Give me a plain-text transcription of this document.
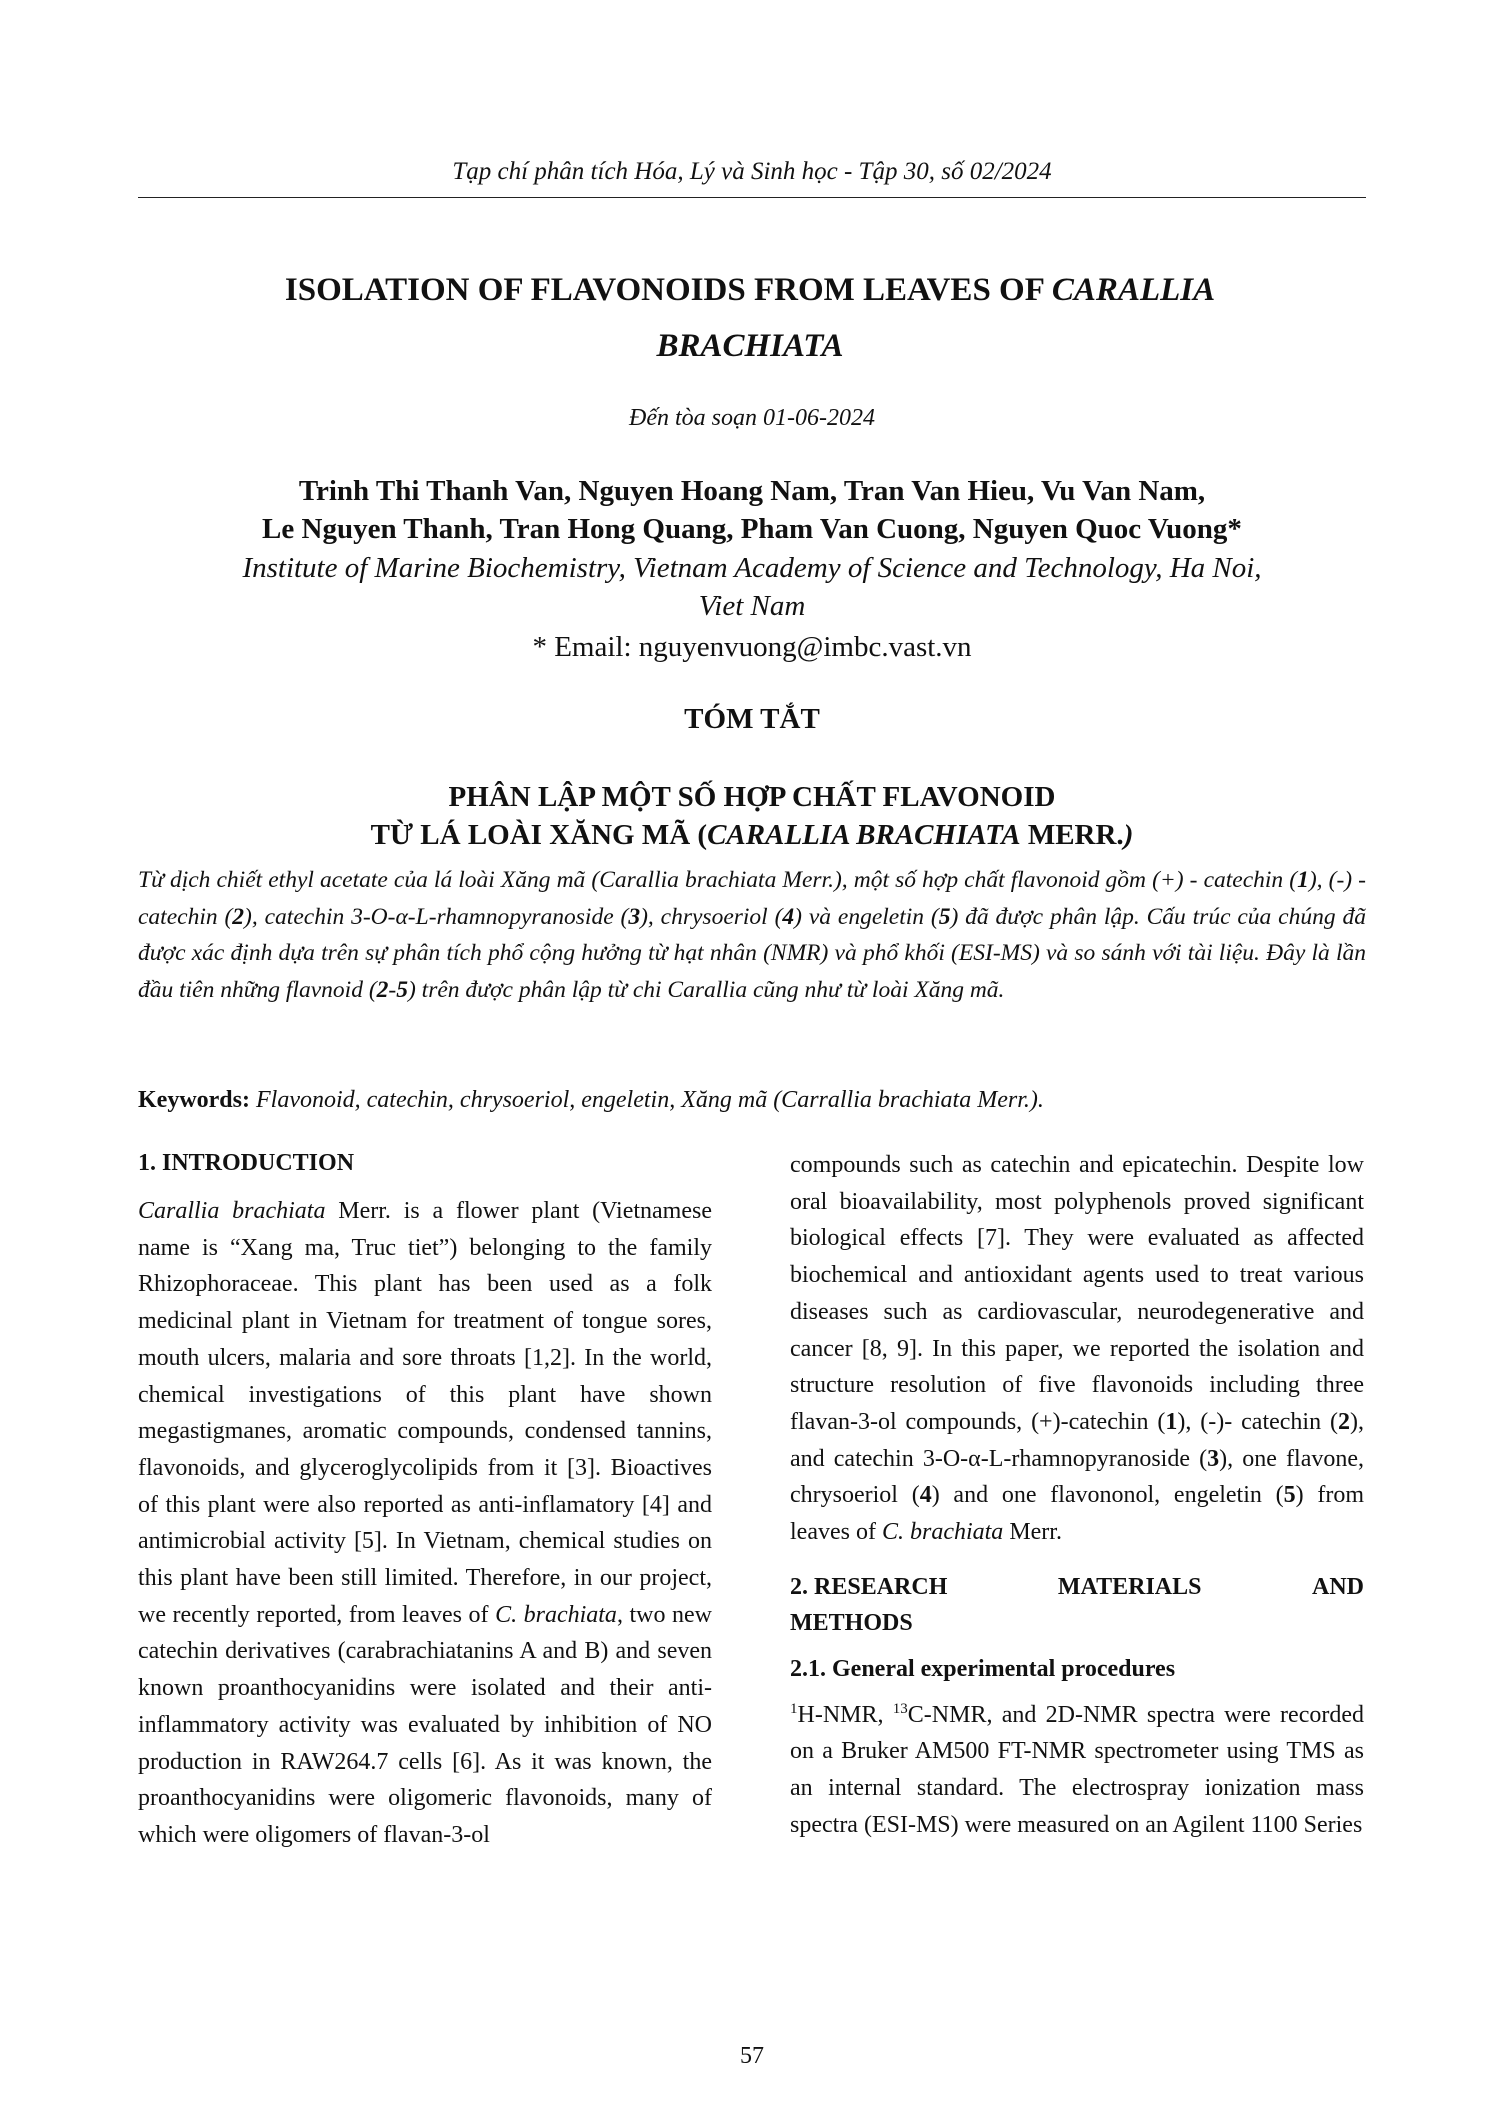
Tạp chí phân tích Hóa, Lý và Sinh học - Tập 30, số 02/2024
ISOLATION OF FLAVONOIDS FROM LEAVES OF CARALLIA
BRACHIATA
Đến tòa soạn 01-06-2024
Trinh Thi Thanh Van, Nguyen Hoang Nam, Tran Van Hieu, Vu Van Nam,
Le Nguyen Thanh, Tran Hong Quang, Pham Van Cuong, Nguyen Quoc Vuong*
Institute of Marine Biochemistry, Vietnam Academy of Science and Technology, Ha Noi,
Viet Nam
* Email: nguyenvuong@imbc.vast.vn
TÓM TẮT
PHÂN LẬP MỘT SỐ HỢP CHẤT FLAVONOID
TỪ LÁ LOÀI XĂNG MÃ (CARALLIA BRACHIATA MERR.)

Từ dịch chiết ethyl acetate của lá loài Xăng mã (Carallia brachiata Merr.), một số hợp chất flavonoid gồm (+) - catechin (1), (-) - catechin (2), catechin 3-O-α-L-rhamnopyranoside (3), chrysoeriol (4) và engeletin (5) đã được phân lập. Cấu trúc của chúng đã được xác định dựa trên sự phân tích phổ cộng hưởng từ hạt nhân (NMR) và phổ khối (ESI-MS) và so sánh với tài liệu. Đây là lần đầu tiên những flavnoid (2-5) trên được phân lập từ chi Carallia cũng như từ loài Xăng mã.

Keywords: Flavonoid, catechin, chrysoeriol, engeletin, Xăng mã (Carrallia brachiata Merr.).
1. INTRODUCTION

Carallia brachiata Merr. is a flower plant (Vietnamese name is “Xang ma, Truc tiet”) belonging to the family Rhizophoraceae. This plant has been used as a folk medicinal plant in Vietnam for treatment of tongue sores, mouth ulcers, malaria and sore throats [1,2]. In the world, chemical investigations of this plant have shown megastigmanes, aromatic compounds, condensed tannins, flavonoids, and glyceroglycolipids from it [3]. Bioactives of this plant were also reported as anti-inflamatory [4] and antimicrobial activity [5]. In Vietnam, chemical studies on this plant have been still limited. Therefore, in our project, we recently reported, from leaves of C. brachiata, two new catechin derivatives (carabrachiatanins A and B) and seven known proanthocyanidins were isolated and their anti-inflammatory activity was evaluated by inhibition of NO production in RAW264.7 cells [6]. As it was known, the proanthocyanidins were oligomeric flavonoids, many of which were oligomers of flavan-3-ol

compounds such as catechin and epicatechin. Despite low oral bioavailability, most polyphenols proved significant biological effects [7]. They were evaluated as affected biochemical and antioxidant agents used to treat various diseases such as cardiovascular, neurodegenerative and cancer [8, 9]. In this paper, we reported the isolation and structure resolution of five flavonoids including three flavan-3-ol compounds, (+)-catechin (1), (-)- catechin (2), and catechin 3-O-α-L-rhamnopyranoside (3), one flavone, chrysoeriol (4) and one flavononol, engeletin (5) from leaves of C. brachiata Merr.

2. RESEARCH	MATERIALS	AND
METHODS
2.1. General experimental procedures

$^1$H-NMR, $^{13}$C-NMR, and 2D-NMR spectra were recorded on a Bruker AM500 FT-NMR spectrometer using TMS as an internal standard. The electrospray ionization mass spectra (ESI-MS) were measured on an Agilent 1100 Series

57
